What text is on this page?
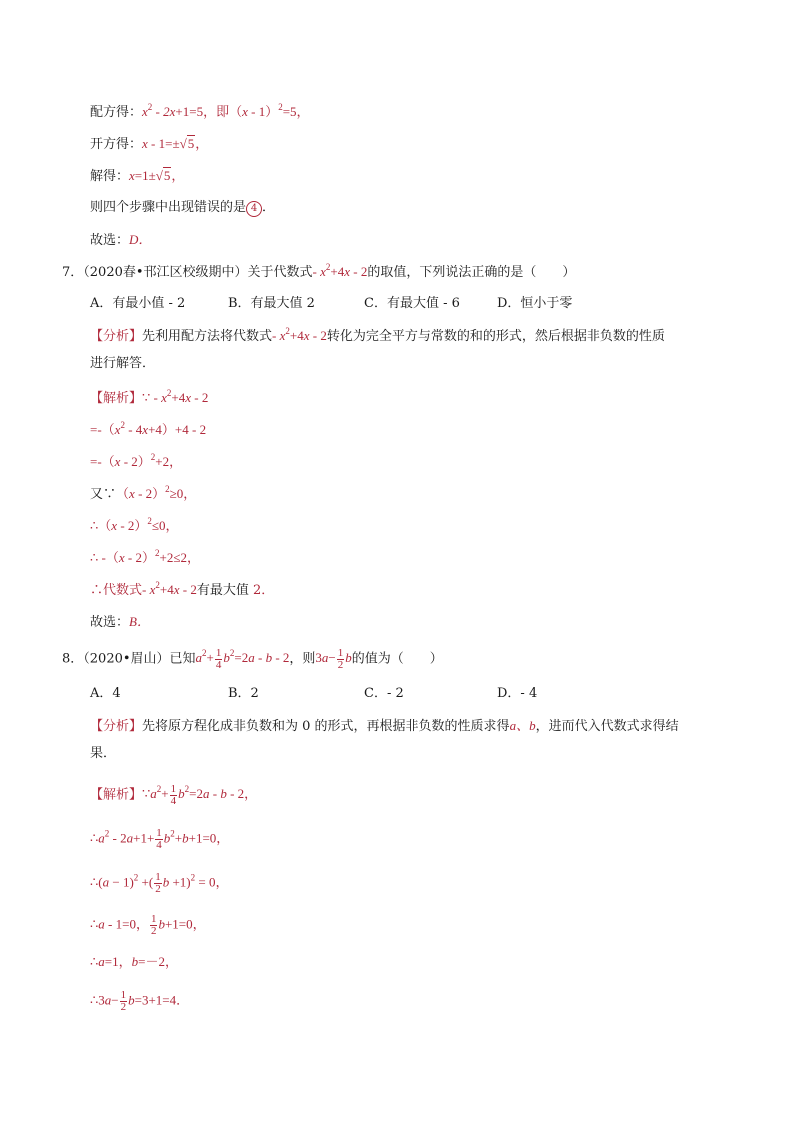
配方得：$x^2 - 2x+1=5$，即（x - 1）$^2$=5，
开方得：x - 1=±√5，
解得：x=1±√5，
则四个步骤中出现错误的是 4 ．
故选：D．
7．（2020春•邗江区校级期中）关于代数式- $x^2+4x - 2$的取值，下列说法正确的是（　　）
A．有最小值 - 2	B．有最大值 2	C．有最大值 - 6	D．恒小于零
【分析】先利用配方法将代数式- $x^2+4x - 2$转化为完全平方与常数的和的形式，然后根据非负数的性质
进行解答．
【解析】∵ - $x^2+4x - 2$
$=-(x^2 - 4x+4)+4 - 2$
=-（x - 2）$^2$+2，
又∵（x - 2）$^2$≥0，
∴（x - 2）$^2$≤0，
∴ -（x - 2）$^2$+2≤2，
∴代数式- $x^2+4x - 2$有最大值 2．
故选：B．
8．（2020•眉山）已知$a^2+ \frac{1}{4} b^2=2a - b - 2$，则$3a- \frac{1}{2}$ b的值为（　　）
A．4	B．2	C．- 2	D．- 4
【分析】先将原方程化成非负数和为 0 的形式，再根据非负数的性质求得a、b，进而代入代数式求得结
果．
【解析】$\because a^2+ \frac{1}{4} b^2=2a - b - 2$，
$\therefore a^2 - 2a+1+ \frac{1}{4} b^2+b+1=0$，
∴(a − 1)$^2$ +( $\frac{1}{2}$ b +1)$^2$ = 0，
∴a - 1=0， $\frac{1}{2} b+1=0$，
∴a=1，b=－2，
∴3a− $\frac{1}{2} b=3+1=4$．
